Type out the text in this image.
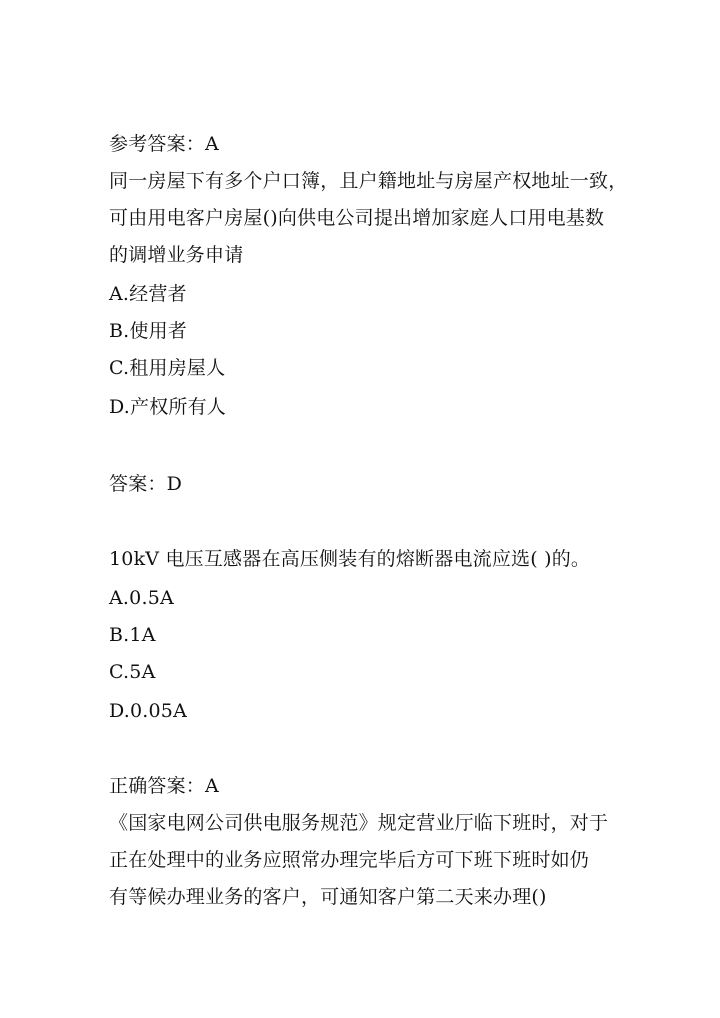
参考答案：A
同一房屋下有多个户口簿，且户籍地址与房屋产权地址一致，
可由用电客户房屋()向供电公司提出增加家庭人口用电基数
的调增业务申请
A.经营者
B.使用者
C.租用房屋人
D.产权所有人
答案：D
10kV 电压互感器在高压侧装有的熔断器电流应选( )的。
A.0.5A
B.1A
C.5A
D.0.05A
正确答案：A
《国家电网公司供电服务规范》规定营业厅临下班时，对于
正在处理中的业务应照常办理完毕后方可下班下班时如仍
有等候办理业务的客户，可通知客户第二天来办理()
